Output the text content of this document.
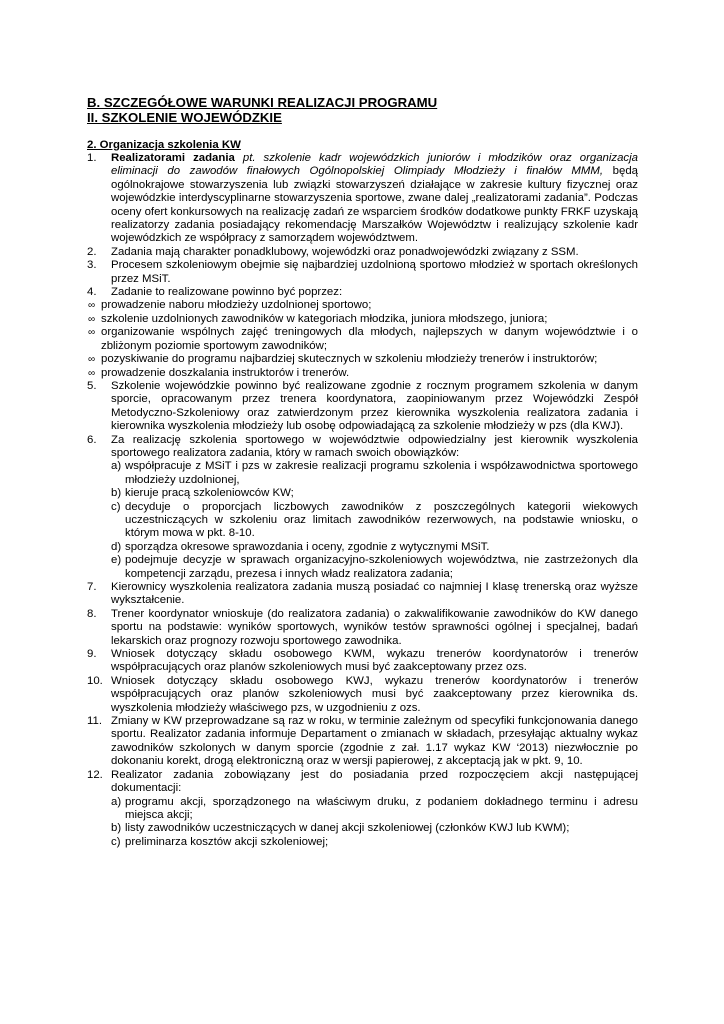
B. SZCZEGÓŁOWE WARUNKI REALIZACJI PROGRAMU
II. SZKOLENIE WOJEWÓDZKIE
2. Organizacja szkolenia KW
1.	Realizatorami zadania pt. szkolenie kadr wojewódzkich juniorów i młodzików oraz organizacja eliminacji do zawodów finałowych Ogólnopolskiej Olimpiady Młodzieży i finałów MMM, będą ogólnokrajowe stowarzyszenia lub związki stowarzyszeń działające w zakresie kultury fizycznej oraz wojewódzkie interdyscyplinarne stowarzyszenia sportowe, zwane dalej „realizatorami zadania”. Podczas oceny ofert konkursowych na realizację zadań ze wsparciem środków dodatkowe punkty FRKF uzyskają realizatorzy zadania posiadający rekomendację Marszałków Województw i realizujący szkolenie kadr wojewódzkich ze współpracy z samorządem województwem.
2.	Zadania mają charakter ponadklubowy, wojewódzki oraz ponadwojewódzki związany z SSM.
3.	Procesem szkoleniowym obejmie się najbardziej uzdolnioną sportowo młodzież w sportach określonych przez MSiT.
4.	Zadanie to realizowane powinno być poprzez:
∞ prowadzenie naboru młodzieży uzdolnionej sportowo;
∞ szkolenie uzdolnionych zawodników w kategoriach młodzika, juniora młodszego, juniora;
∞ organizowanie wspólnych zajęć treningowych dla młodych, najlepszych w danym województwie i o zbliżonym poziomie sportowym zawodników;
∞ pozyskiwanie do programu najbardziej skutecznych w szkoleniu młodzieży trenerów i instruktorów;
∞ prowadzenie doszkalania instruktorów i trenerów.
5.	Szkolenie wojewódzkie powinno być realizowane zgodnie z rocznym programem szkolenia w danym sporcie, opracowanym przez trenera koordynatora, zaopiniowanym przez Wojewódzki Zespół Metodyczno-Szkoleniowy oraz zatwierdzonym przez kierownika wyszkolenia realizatora zadania i kierownika wyszkolenia młodzieży lub osobę odpowiadającą za szkolenie młodzieży w pzs (dla KWJ).
6.	Za realizację szkolenia sportowego w województwie odpowiedzialny jest kierownik wyszkolenia sportowego realizatora zadania, który w ramach swoich obowiązków:
a) współpracuje z MSiT i pzs w zakresie realizacji programu szkolenia i współzawodnictwa sportowego młodzieży uzdolnionej,
b) kieruje pracą szkoleniowców KW;
c) decyduje o proporcjach liczbowych zawodników z poszczególnych kategorii wiekowych uczestniczących w szkoleniu oraz limitach zawodników rezerwowych, na podstawie wniosku, o którym mowa w pkt. 8-10.
d) sporządza okresowe sprawozdania i oceny, zgodnie z wytycznymi MSiT.
e) podejmuje decyzje w sprawach organizacyjno-szkoleniowych województwa, nie zastrzeżonych dla kompetencji zarządu, prezesa i innych władz realizatora zadania;
7.	Kierownicy wyszkolenia realizatora zadania muszą posiadać co najmniej I klasę trenerską oraz wyższe wykształcenie.
8.	Trener koordynator wnioskuje (do realizatora zadania) o zakwalifikowanie zawodników do KW danego sportu na podstawie: wyników sportowych, wyników testów sprawności ogólnej i specjalnej, badań lekarskich oraz prognozy rozwoju sportowego zawodnika.
9.	Wniosek dotyczący składu osobowego KWM, wykazu trenerów koordynatorów i trenerów współpracujących oraz planów szkoleniowych musi być zaakceptowany przez ozs.
10. Wniosek dotyczący składu osobowego KWJ, wykazu trenerów koordynatorów i trenerów współpracujących oraz planów szkoleniowych musi być zaakceptowany przez kierownika ds. wyszkolenia młodzieży właściwego pzs, w uzgodnieniu z ozs.
11. Zmiany w KW przeprowadzane są raz w roku, w terminie zależnym od specyfiki funkcjonowania danego sportu. Realizator zadania informuje Departament o zmianach w składach, przesyłając aktualny wykaz zawodników szkolonych w danym sporcie (zgodnie z zał. 1.17 wykaz KW ‘2013) niezwłocznie po dokonaniu korekt, drogą elektroniczną oraz w wersji papierowej, z akceptacją jak w pkt. 9, 10.
12. Realizator zadania zobowiązany jest do posiadania przed rozpoczęciem akcji następującej dokumentacji:
a) programu akcji, sporządzonego na właściwym druku, z podaniem dokładnego terminu i adresu miejsca akcji;
b) listy zawodników uczestniczących w danej akcji szkoleniowej (członków KWJ lub KWM);
c) preliminarza kosztów akcji szkoleniowej;
